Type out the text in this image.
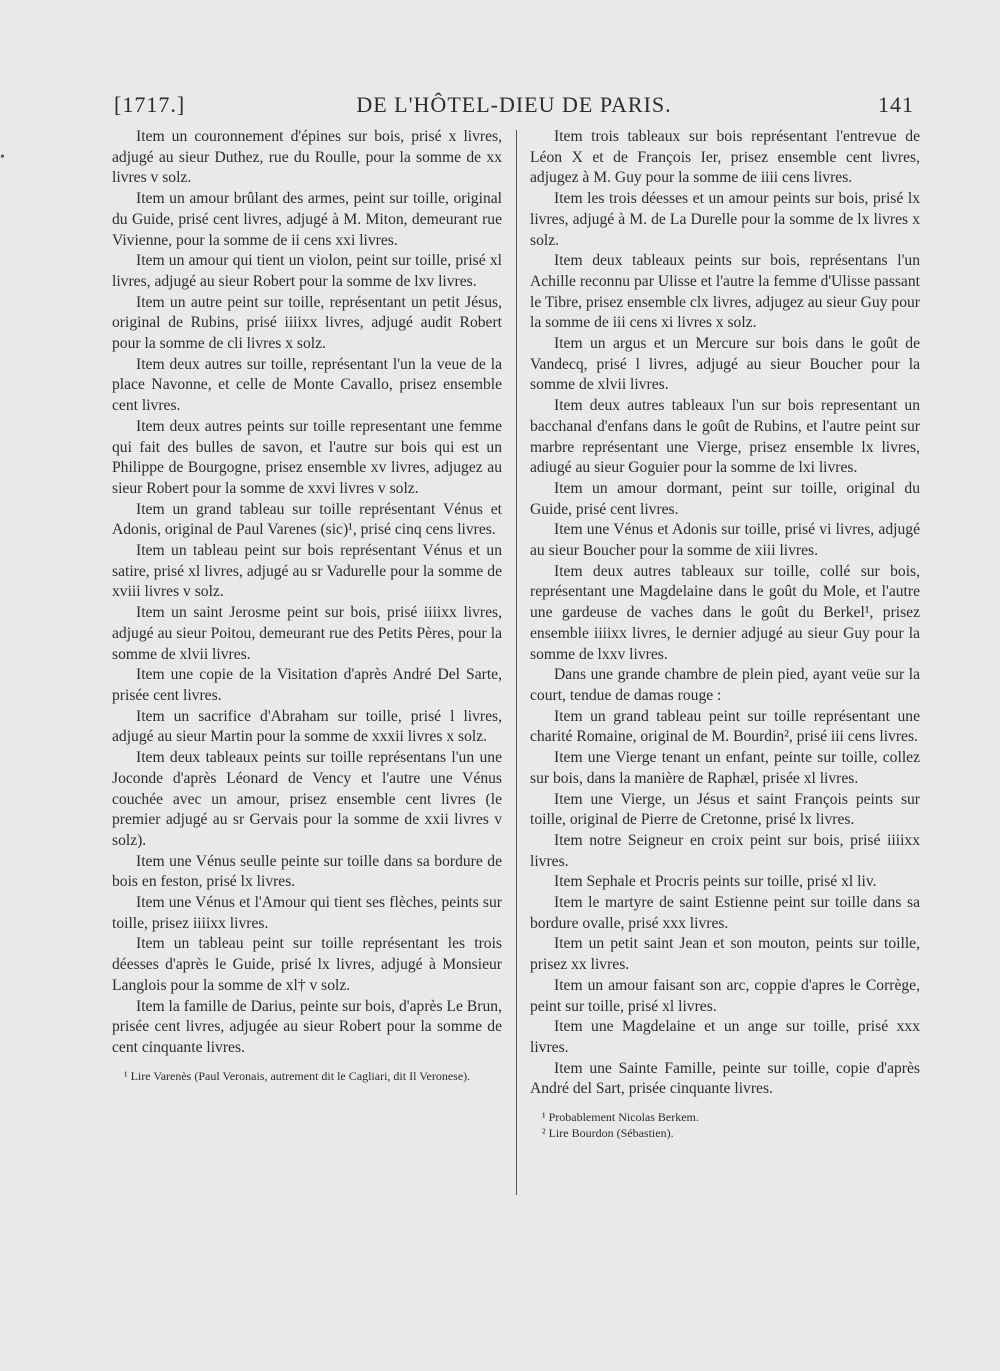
•
[1717.]	DE L'HÔTEL-DIEU DE PARIS.	141

Item un couronnement d'épines sur bois, prisé x livres, adjugé au sieur Duthez, rue du Roulle, pour la somme de xx livres v solz.

Item un amour brûlant des armes, peint sur toille, original du Guide, prisé cent livres, adjugé à M. Miton, demeurant rue Vivienne, pour la somme de ii cens xxi livres.

Item un amour qui tient un violon, peint sur toille, prisé xl livres, adjugé au sieur Robert pour la somme de lxv livres.

Item un autre peint sur toille, représentant un petit Jésus, original de Rubins, prisé iiiixx livres, adjugé audit Robert pour la somme de cli livres x solz.

Item deux autres sur toille, représentant l'un la veue de la place Navonne, et celle de Monte Cavallo, prisez ensemble cent livres.

Item deux autres peints sur toille representant une femme qui fait des bulles de savon, et l'autre sur bois qui est un Philippe de Bourgogne, prisez ensemble xv livres, adjugez au sieur Robert pour la somme de xxvi livres v solz.

Item un grand tableau sur toille représentant Vénus et Adonis, original de Paul Varenes (sic)¹, prisé cinq cens livres.

Item un tableau peint sur bois représentant Vénus et un satire, prisé xl livres, adjugé au sr Vadurelle pour la somme de xviii livres v solz.

Item un saint Jerosme peint sur bois, prisé iiiixx livres, adjugé au sieur Poitou, demeurant rue des Petits Pères, pour la somme de xlvii livres.

Item une copie de la Visitation d'après André Del Sarte, prisée cent livres.

Item un sacrifice d'Abraham sur toille, prisé l livres, adjugé au sieur Martin pour la somme de xxxii livres x solz.

Item deux tableaux peints sur toille représentans l'un une Joconde d'après Léonard de Vency et l'autre une Vénus couchée avec un amour, prisez ensemble cent livres (le premier adjugé au sr Gervais pour la somme de xxii livres v solz).

Item une Vénus seulle peinte sur toille dans sa bordure de bois en feston, prisé lx livres.

Item une Vénus et l'Amour qui tient ses flèches, peints sur toille, prisez iiiixx livres.

Item un tableau peint sur toille représentant les trois déesses d'après le Guide, prisé lx livres, adjugé à Monsieur Langlois pour la somme de xl† v solz.

Item la famille de Darius, peinte sur bois, d'après Le Brun, prisée cent livres, adjugée au sieur Robert pour la somme de cent cinquante livres.

¹ Lire Varenès (Paul Veronais, autrement dit le Cagliari, dit Il Veronese).

Item trois tableaux sur bois représentant l'entrevue de Léon X et de François Ier, prisez ensemble cent livres, adjugez à M. Guy pour la somme de iiii cens livres.

Item les trois déesses et un amour peints sur bois, prisé lx livres, adjugé à M. de La Durelle pour la somme de lx livres x solz.

Item deux tableaux peints sur bois, représentans l'un Achille reconnu par Ulisse et l'autre la femme d'Ulisse passant le Tibre, prisez ensemble clx livres, adjugez au sieur Guy pour la somme de iii cens xi livres x solz.

Item un argus et un Mercure sur bois dans le goût de Vandecq, prisé l livres, adjugé au sieur Boucher pour la somme de xlvii livres.

Item deux autres tableaux l'un sur bois representant un bacchanal d'enfans dans le goût de Rubins, et l'autre peint sur marbre représentant une Vierge, prisez ensemble lx livres, adiugé au sieur Goguier pour la somme de lxi livres.

Item un amour dormant, peint sur toille, original du Guide, prisé cent livres.

Item une Vénus et Adonis sur toille, prisé vi livres, adjugé au sieur Boucher pour la somme de xiii livres.

Item deux autres tableaux sur toille, collé sur bois, représentant une Magdelaine dans le goût du Mole, et l'autre une gardeuse de vaches dans le goût du Berkel¹, prisez ensemble iiiixx livres, le dernier adjugé au sieur Guy pour la somme de lxxv livres.

Dans une grande chambre de plein pied, ayant veüe sur la court, tendue de damas rouge :

Item un grand tableau peint sur toille représentant une charité Romaine, original de M. Bourdin², prisé iii cens livres.

Item une Vierge tenant un enfant, peinte sur toille, collez sur bois, dans la manière de Raphæl, prisée xl livres.

Item une Vierge, un Jésus et saint François peints sur toille, original de Pierre de Cretonne, prisé lx livres.

Item notre Seigneur en croix peint sur bois, prisé iiiixx livres.

Item Sephale et Procris peints sur toille, prisé xl liv.

Item le martyre de saint Estienne peint sur toille dans sa bordure ovalle, prisé xxx livres.

Item un petit saint Jean et son mouton, peints sur toille, prisez xx livres.

Item un amour faisant son arc, coppie d'apres le Corrège, peint sur toille, prisé xl livres.

Item une Magdelaine et un ange sur toille, prisé xxx livres.

Item une Sainte Famille, peinte sur toille, copie d'après André del Sart, prisée cinquante livres.

¹ Probablement Nicolas Berkem.

² Lire Bourdon (Sébastien).
